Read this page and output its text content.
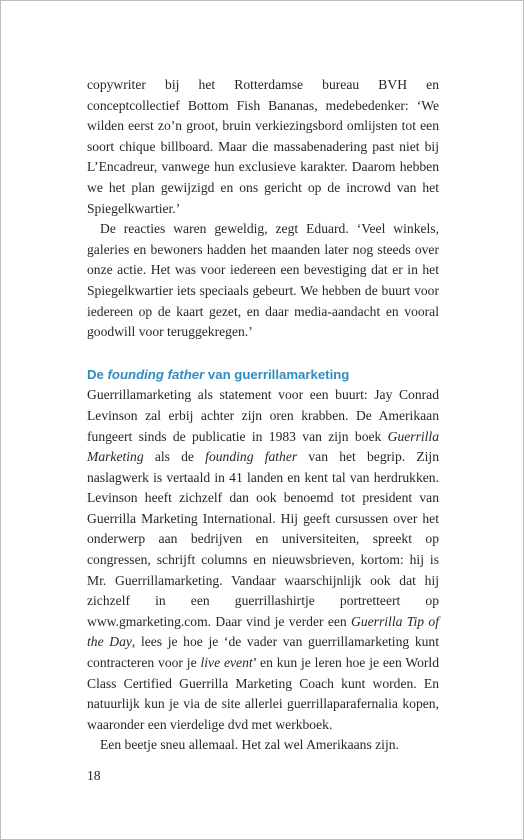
copywriter bij het Rotterdamse bureau BVH en conceptcollectief Bottom Fish Bananas, medebedenker: ‘We wilden eerst zo’n groot, bruin verkiezingsbord omlijsten tot een soort chique billboard. Maar die massabenadering past niet bij L’Encadreur, vanwege hun exclusieve karakter. Daarom hebben we het plan gewijzigd en ons gericht op de incrowd van het Spiegelkwartier.’

De reacties waren geweldig, zegt Eduard. ‘Veel winkels, galeries en bewoners hadden het maanden later nog steeds over onze actie. Het was voor iedereen een bevestiging dat er in het Spiegelkwartier iets speciaals gebeurt. We hebben de buurt voor iedereen op de kaart gezet, en daar media-aandacht en vooral goodwill voor teruggekregen.’

De founding father van guerrillamarketing

Guerrillamarketing als statement voor een buurt: Jay Conrad Levinson zal erbij achter zijn oren krabben. De Amerikaan fungeert sinds de publicatie in 1983 van zijn boek Guerrilla Marketing als de founding father van het begrip. Zijn naslagwerk is vertaald in 41 landen en kent tal van herdrukken. Levinson heeft zichzelf dan ook benoemd tot president van Guerrilla Marketing International. Hij geeft cursussen over het onderwerp aan bedrijven en universiteiten, spreekt op congressen, schrijft columns en nieuwsbrieven, kortom: hij is Mr. Guerrillamarketing. Vandaar waarschijnlijk ook dat hij zichzelf in een guerrillashirtje portretteert op www.gmarketing.com. Daar vind je verder een Guerrilla Tip of the Day, lees je hoe je ‘de vader van guerrillamarketing kunt contracteren voor je live event’ en kun je leren hoe je een World Class Certified Guerrilla Marketing Coach kunt worden. En natuurlijk kun je via de site allerlei guerrillaparafernalia kopen, waaronder een vierdelige dvd met werkboek.

Een beetje sneu allemaal. Het zal wel Amerikaans zijn.

18
